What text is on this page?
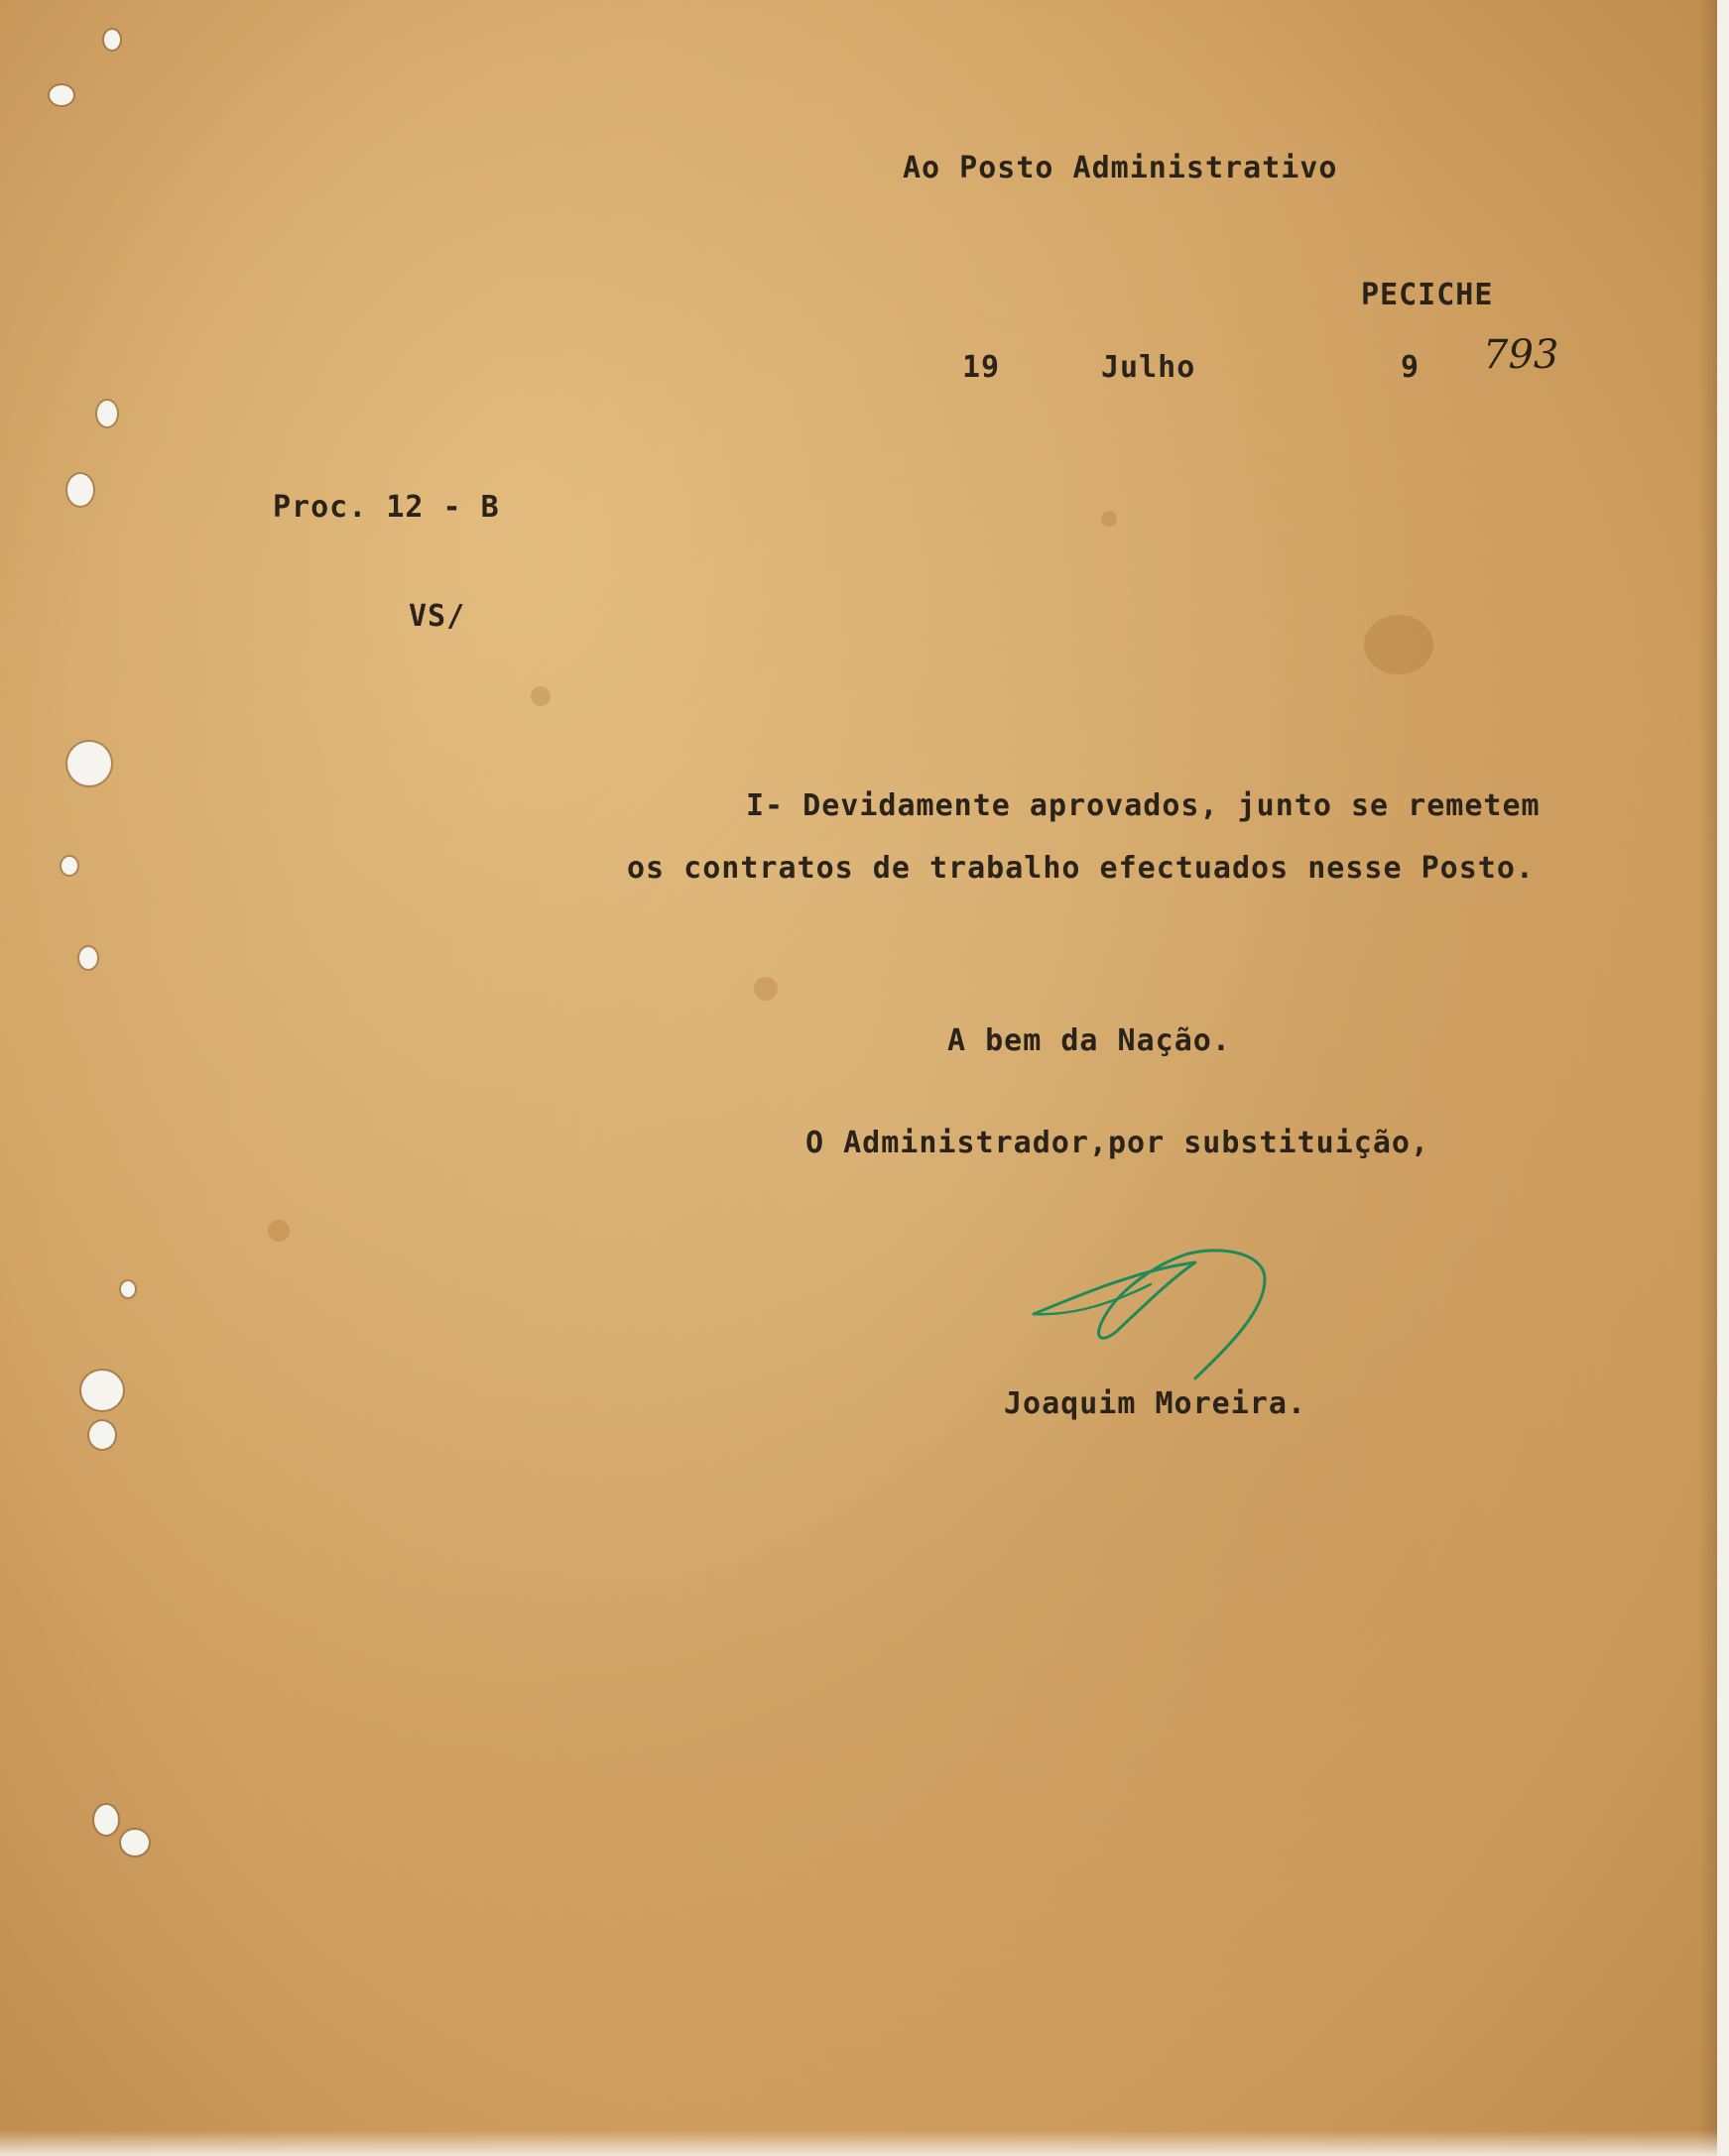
Ao Posto Administrativo
PECICHE
19	Julho	9 793
Proc. 12 - B
VS/
I- Devidamente aprovados, junto se remetem
os contratos de trabalho efectuados nesse Posto.
A bem da Nação.
O Administrador,por substituição,
Joaquim Moreira.
